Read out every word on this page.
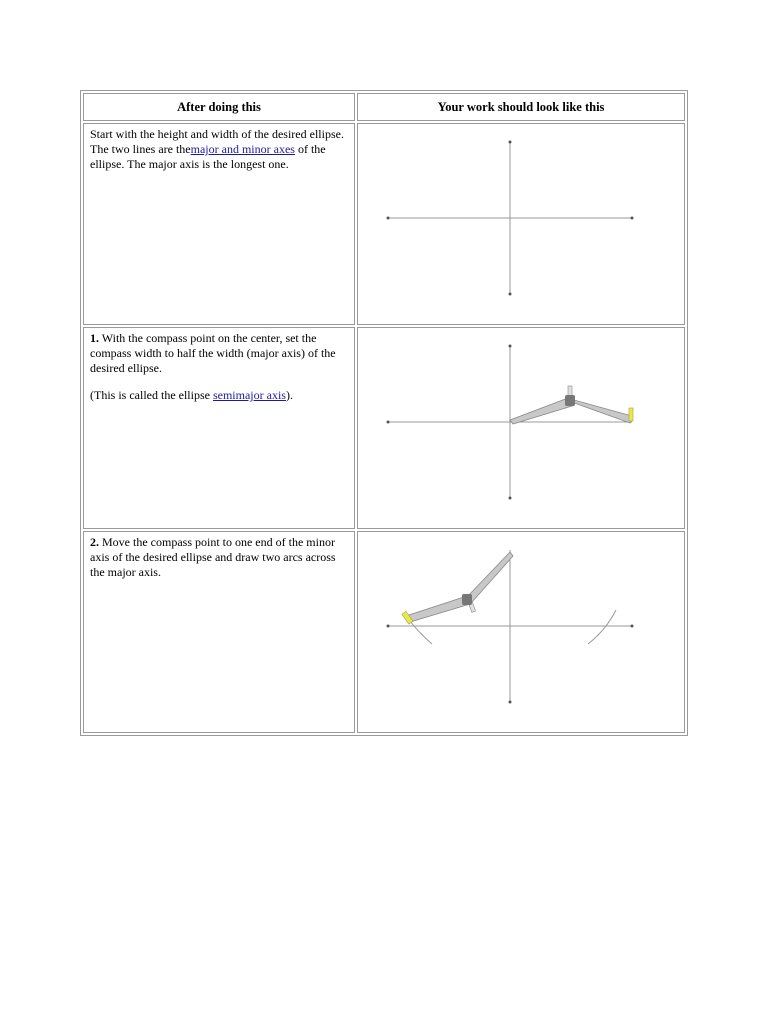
After doing this	Your work should look like this
Start with the height and width of the desired ellipse. The two lines are themajor and minor axes of the ellipse. The major axis is the longest one.	

1. With the compass point on the center, set the compass width to half the width (major axis) of the desired ellipse.

(This is called the ellipse semimajor axis).

2. Move the compass point to one end of the minor axis of the desired ellipse and draw two arcs across the major axis.
